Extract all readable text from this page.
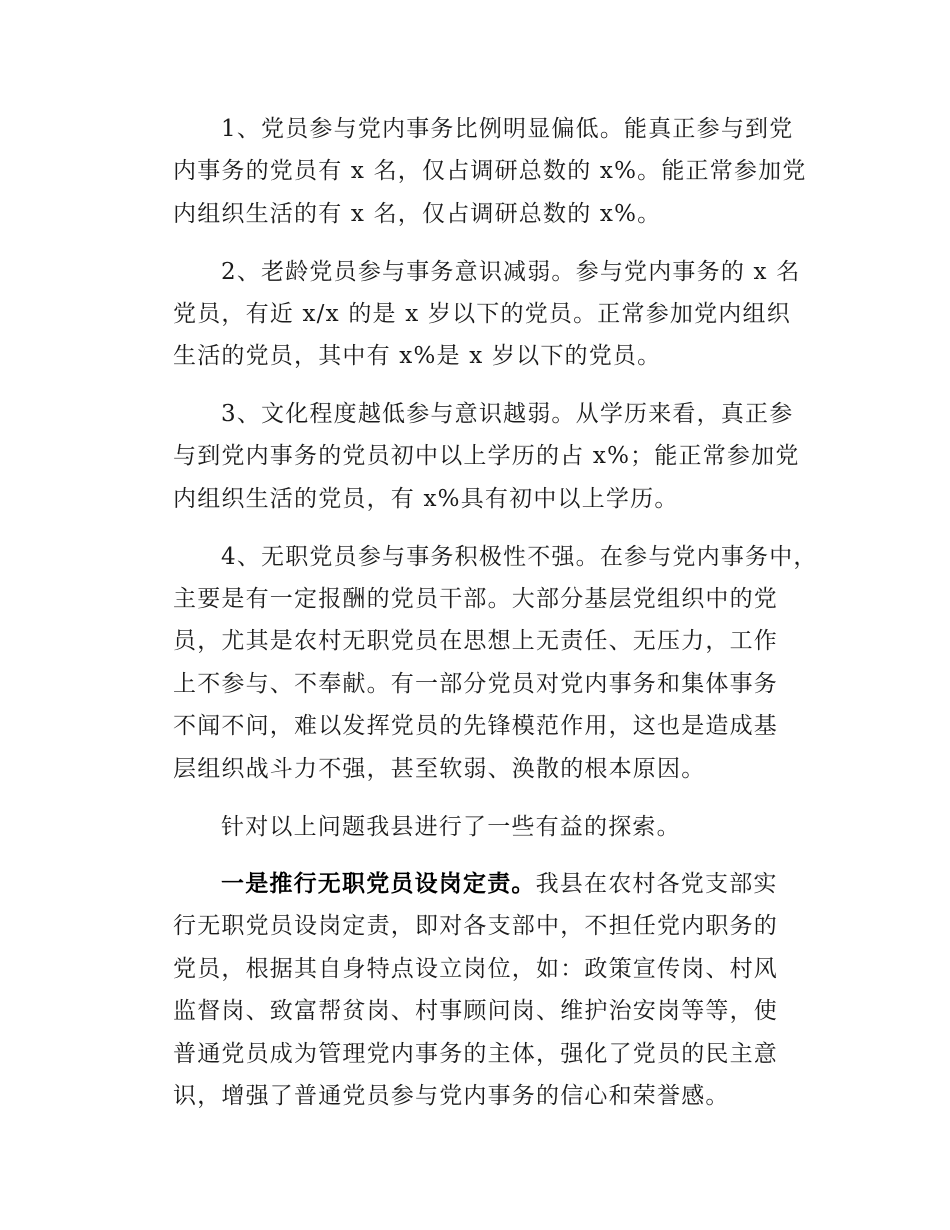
1、党员参与党内事务比例明显偏低。能真正参与到党
内事务的党员有 x 名，仅占调研总数的 x%。能正常参加党
内组织生活的有 x 名，仅占调研总数的 x%。
2、老龄党员参与事务意识减弱。参与党内事务的 x 名
党员，有近 x/x 的是 x 岁以下的党员。正常参加党内组织
生活的党员，其中有 x%是 x 岁以下的党员。
3、文化程度越低参与意识越弱。从学历来看，真正参
与到党内事务的党员初中以上学历的占 x%；能正常参加党
内组织生活的党员，有 x%具有初中以上学历。
4、无职党员参与事务积极性不强。在参与党内事务中，
主要是有一定报酬的党员干部。大部分基层党组织中的党
员，尤其是农村无职党员在思想上无责任、无压力，工作
上不参与、不奉献。有一部分党员对党内事务和集体事务
不闻不问，难以发挥党员的先锋模范作用，这也是造成基
层组织战斗力不强，甚至软弱、涣散的根本原因。
针对以上问题我县进行了一些有益的探索。
一是推行无职党员设岗定责。我县在农村各党支部实
行无职党员设岗定责，即对各支部中，不担任党内职务的
党员，根据其自身特点设立岗位，如：政策宣传岗、村风
监督岗、致富帮贫岗、村事顾问岗、维护治安岗等等，使
普通党员成为管理党内事务的主体，强化了党员的民主意
识，增强了普通党员参与党内事务的信心和荣誉感。
